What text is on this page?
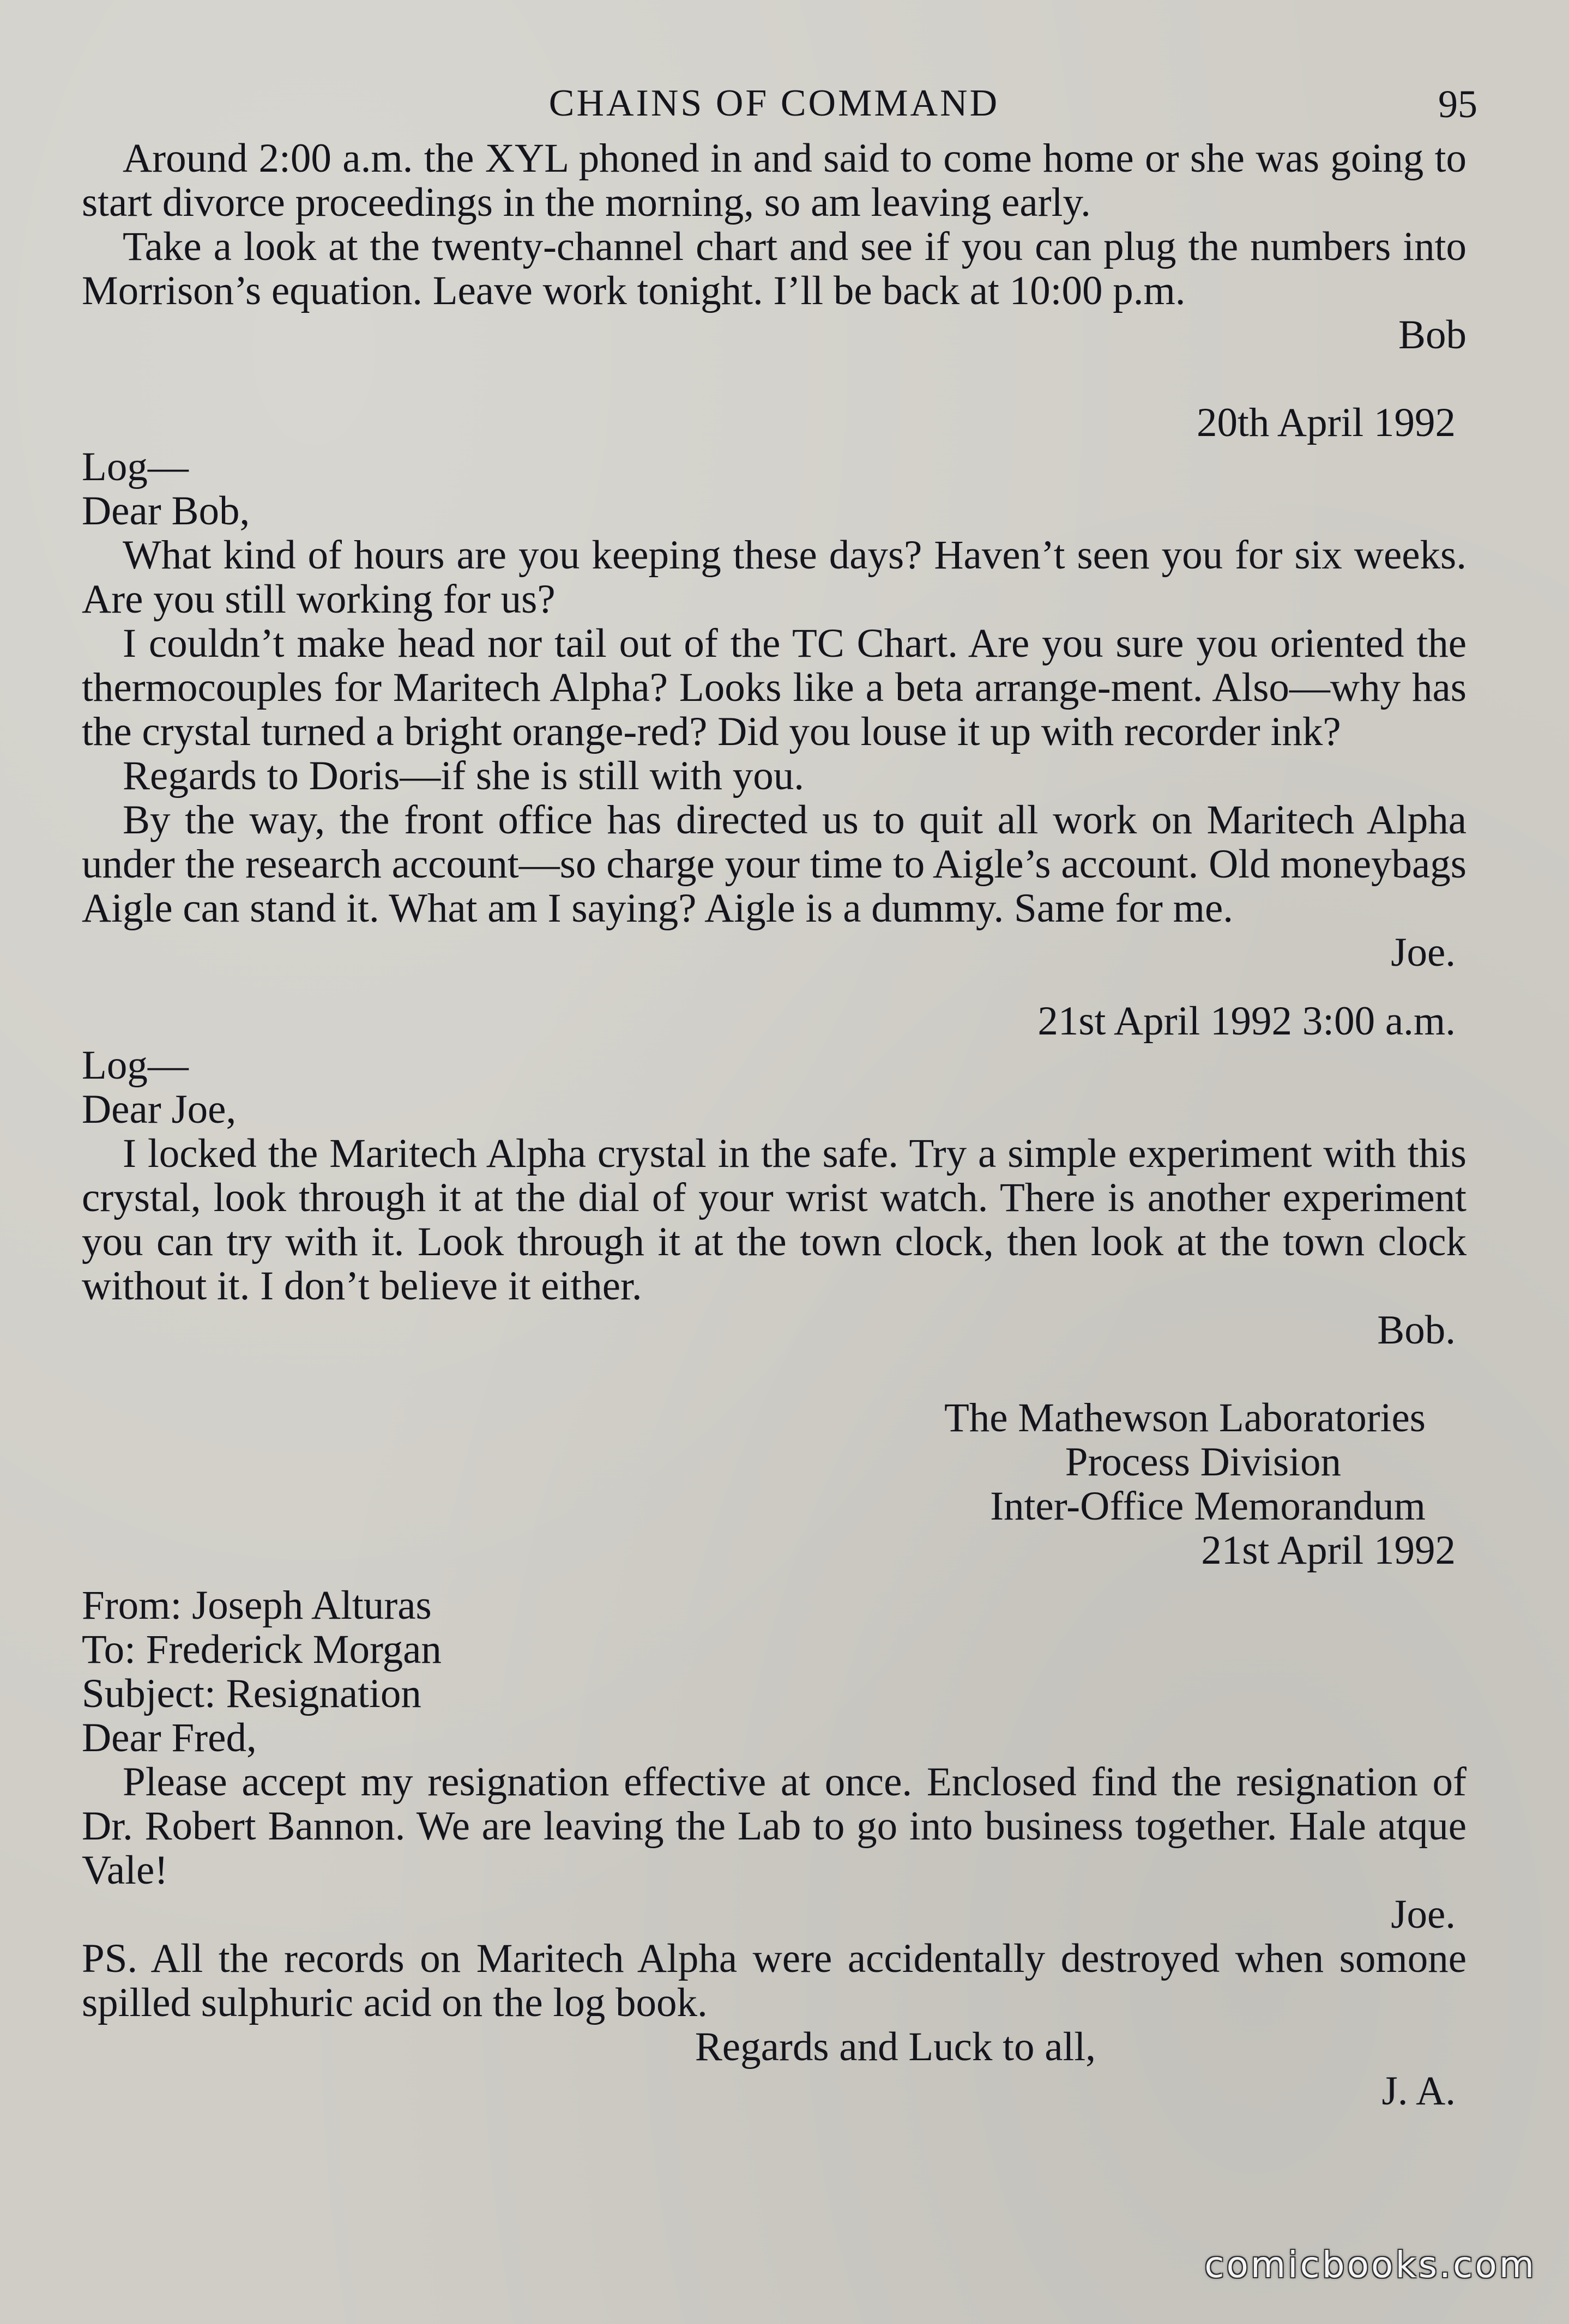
CHAINS OF COMMAND	95

Around 2:00 a.m. the XYL phoned in and said to come home or she was going to start divorce proceedings in the morning, so am leaving early.

Take a look at the twenty-channel chart and see if you can plug the numbers into Morrison’s equation. Leave work tonight. I’ll be back at 10:00 p.m.

Bob
20th April 1992

Log—

Dear Bob,

What kind of hours are you keeping these days? Haven’t seen you for six weeks. Are you still working for us?

I couldn’t make head nor tail out of the TC Chart. Are you sure you oriented the thermocouples for Maritech Alpha? Looks like a beta arrange-ment. Also—why has the crystal turned a bright orange-red? Did you louse it up with recorder ink?

Regards to Doris—if she is still with you.

By the way, the front office has directed us to quit all work on Maritech Alpha under the research account—so charge your time to Aigle’s account. Old moneybags Aigle can stand it. What am I saying? Aigle is a dummy. Same for me.

Joe.
21st April 1992 3:00 a.m.

Log—

Dear Joe,

I locked the Maritech Alpha crystal in the safe. Try a simple experiment with this crystal, look through it at the dial of your wrist watch. There is another experiment you can try with it. Look through it at the town clock, then look at the town clock without it. I don’t believe it either.

Bob.
The Mathewson Laboratories
Process Division
Inter-Office Memorandum
21st April 1992

From: Joseph Alturas

To: Frederick Morgan

Subject: Resignation

Dear Fred,

Please accept my resignation effective at once. Enclosed find the resignation of Dr. Robert Bannon. We are leaving the Lab to go into business together. Hale atque Vale!

Joe.

PS. All the records on Maritech Alpha were accidentally destroyed when somone spilled sulphuric acid on the log book.

Regards and Luck to all,
J. A.
comicbooks.com
